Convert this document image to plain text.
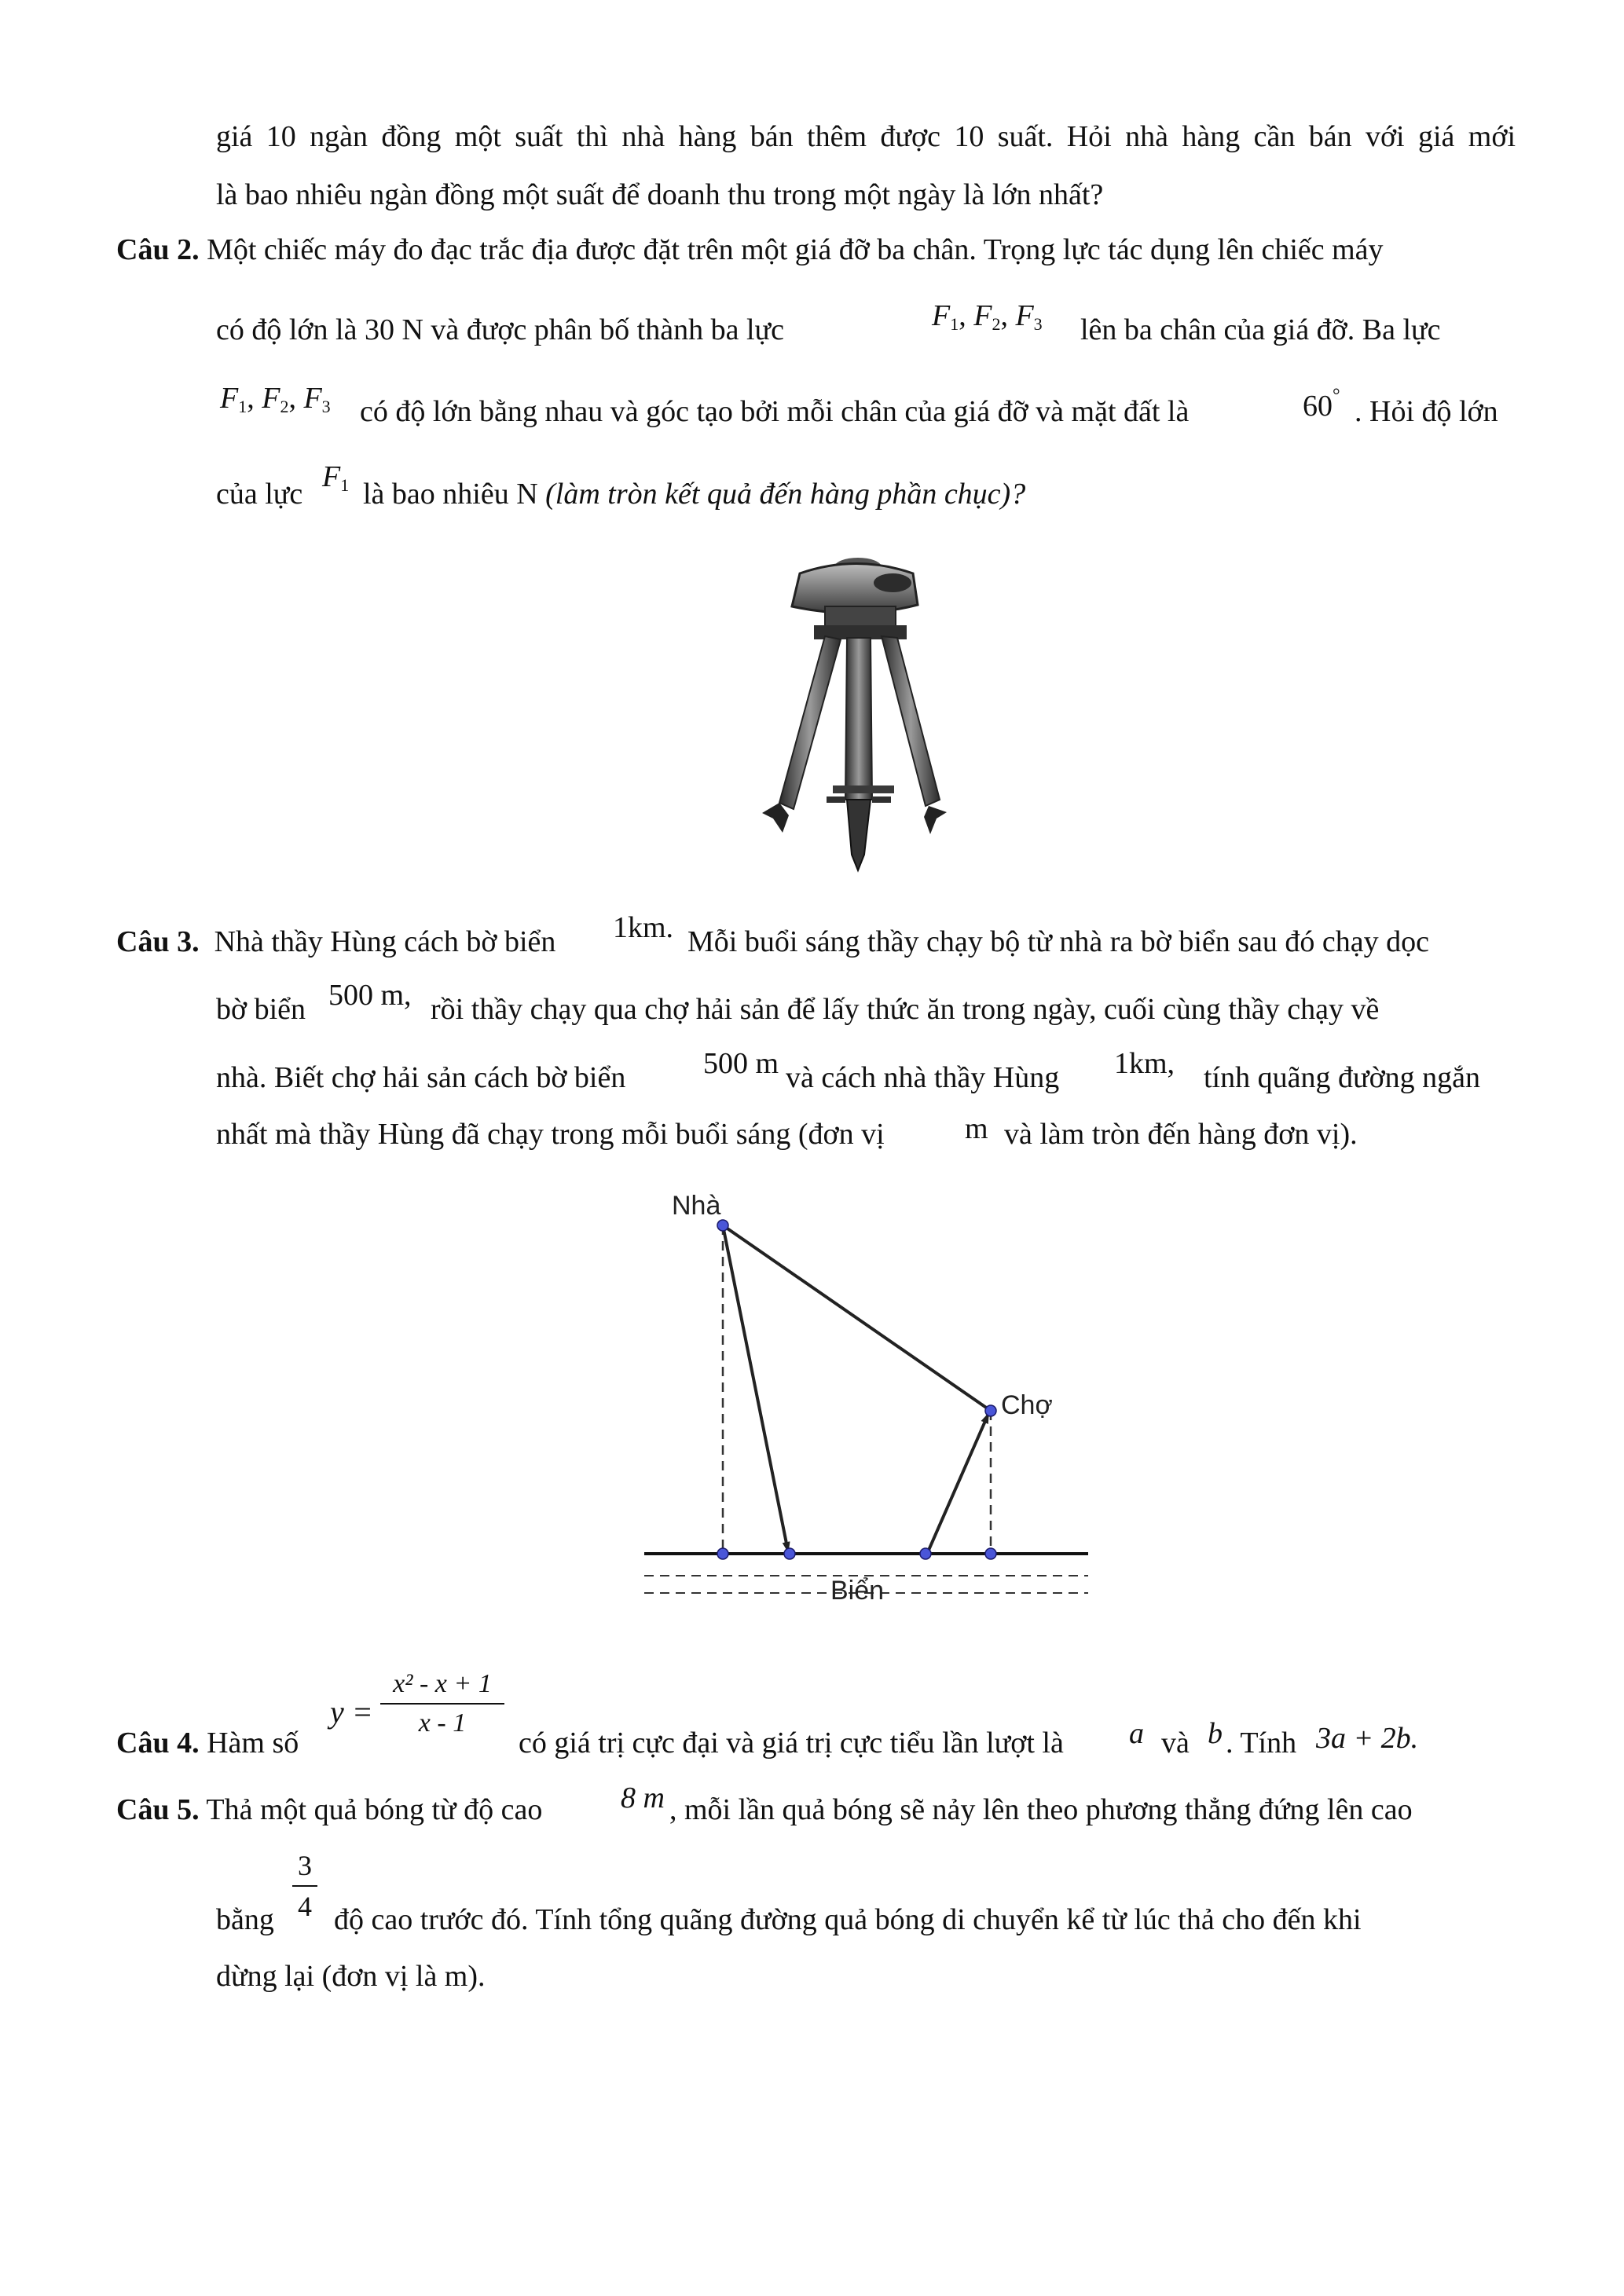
giá 10 ngàn đồng một suất thì nhà hàng bán thêm được 10 suất. Hỏi nhà hàng cần bán với giá mới
là bao nhiêu ngàn đồng một suất để doanh thu trong một ngày là lớn nhất?
Câu 2. Một chiếc máy đo đạc trắc địa được đặt trên một giá đỡ ba chân. Trọng lực tác dụng lên chiếc máy
có độ lớn là 30 N và được phân bố thành ba lực	$F_1$, $F_2$, $F_3$ lên ba chân của giá đỡ. Ba lực
$F_1$, $F_2$, $F_3$ có độ lớn bằng nhau và góc tạo bởi mỗi chân của giá đỡ và mặt đất là	60° . Hỏi độ lớn
của lực
$F_1$ là bao nhiêu N (làm tròn kết quả đến hàng phần chục)?
Câu 3. Nhà thầy Hùng cách bờ biển 1km. Mỗi buổi sáng thầy chạy bộ từ nhà ra bờ biển sau đó chạy dọc
bờ biển 500 m, rồi thầy chạy qua chợ hải sản để lấy thức ăn trong ngày, cuối cùng thầy chạy về
nhà. Biết chợ hải sản cách bờ biển	500 m và cách nhà thầy Hùng 1km, tính quãng đường ngắn
nhất mà thầy Hùng đã chạy trong mỗi buổi sáng (đơn vị	m và làm tròn đến hàng đơn vị).
Nhà
Chợ
Biển
Câu 4. Hàm số
y =
x² - x + 1
x - 1
có giá trị cực đại và giá trị cực tiểu lần lượt là a và b . Tính 3a + 2b.
Câu 5. Thả một quả bóng từ độ cao	8 m , mỗi lần quả bóng sẽ nảy lên theo phương thẳng đứng lên cao
bằng
3
4 độ cao trước đó. Tính tổng quãng đường quả bóng di chuyển kể từ lúc thả cho đến khi
dừng lại (đơn vị là m).
